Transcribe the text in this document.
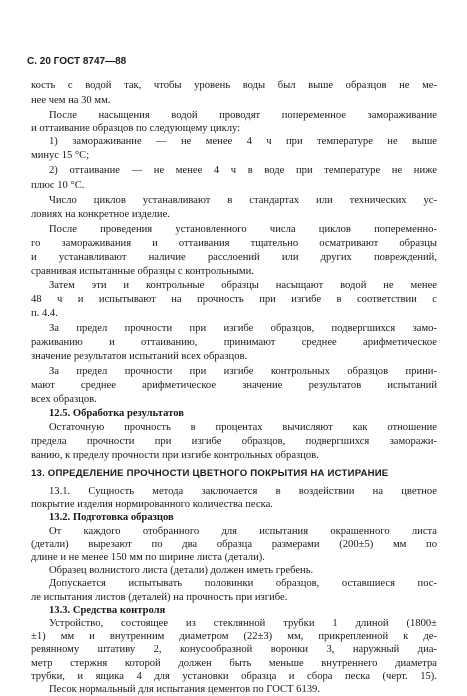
С. 20 ГОСТ 8747—88
кость с водой так, чтобы уровень воды был выше образцов не ме-
нее чем на 30 мм.
После насыщения водой проводят попеременное замораживание
и оттаивание образцов по следующему циклу:
1) замораживание — не менее 4 ч при температуре не выше
минус 15 °С;
2) оттаивание — не менее 4 ч в воде при температуре не ниже
плюс 10 °С.
Число циклов устанавливают в стандартах или технических ус-
ловиях на конкретное изделие.
После проведения установленного числа циклов попеременно-
го замораживания и оттаивания тщательно осматривают образцы
и устанавливают наличие расслоений или других повреждений,
сравнивая испытанные образцы с контрольными.
Затем эти и контрольные образцы насыщают водой не менее
48 ч и испытывают на прочность при изгибе в соответствии с
п. 4.4.
За предел прочности при изгибе образцов, подвергшихся замо-
раживанию и оттаиванию, принимают среднее арифметическое
значение результатов испытаний всех образцов.
За предел прочности при изгибе контрольных образцов прини-
мают среднее арифметическое значение результатов испытаний
всех образцов.
12.5. Обработка результатов
Остаточную прочность в процентах вычисляют как отношение
предела прочности при изгибе образцов, подвергшихся заморажи-
ванию, к пределу прочности при изгибе контрольных образцов.
13. ОПРЕДЕЛЕНИЕ ПРОЧНОСТИ ЦВЕТНОГО ПОКРЫТИЯ НА ИСТИРАНИЕ
13.1. Сущность метода заключается в воздействии на цветное
покрытие изделия нормированного количества песка.
13.2. Подготовка образцов
От каждого отобранного для испытания окрашенного листа
(детали) вырезают по два образца размерами (200±5) мм по
длине и не менее 150 мм по ширине листа (детали).
Образец волнистого листа (детали) должен иметь гребень.
Допускается испытывать половинки образцов, оставшиеся пос-
ле испытания листов (деталей) на прочность при изгибе.
13.3. Средства контроля
Устройство, состоящее из стеклянной трубки 1 длиной (1800±
±1) мм и внутренним диаметром (22±3) мм, прикрепленной к де-
ревянному штативу 2, конусообразной воронки 3, наружный диа-
метр стержня которой должен быть меньше внутреннего диаметра
трубки, и ящика 4 для установки образца и сбора песка (черт. 15).
Песок нормальный для испытания цементов по ГОСТ 6139.
